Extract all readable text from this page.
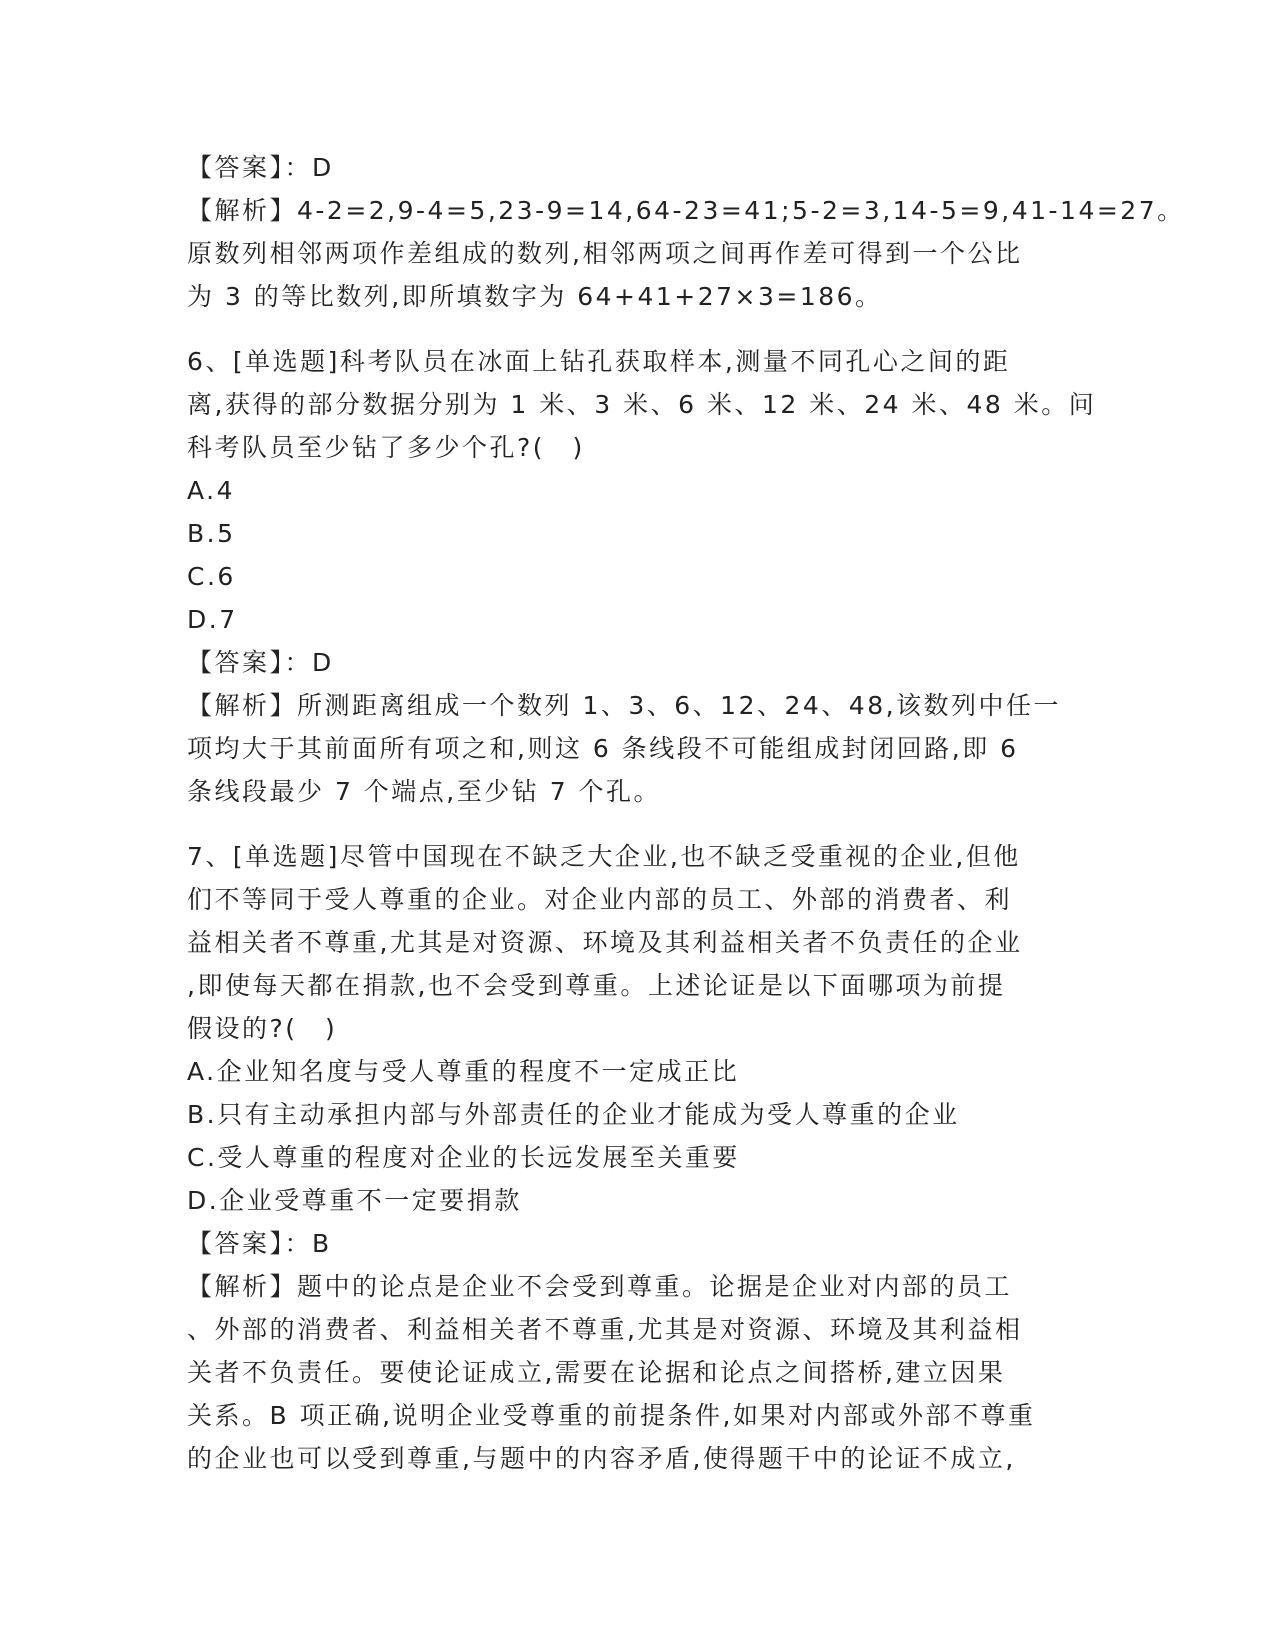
【答案】：D
【解析】4-2=2,9-4=5,23-9=14,64-23=41;5-2=3,14-5=9,41-14=27。
原数列相邻两项作差组成的数列,相邻两项之间再作差可得到一个公比
为 3 的等比数列,即所填数字为 64+41+27×3=186。
6、[单选题]科考队员在冰面上钻孔获取样本,测量不同孔心之间的距
离,获得的部分数据分别为 1 米、3 米、6 米、12 米、24 米、48 米。问
科考队员至少钻了多少个孔?(　)
A.4
B.5
C.6
D.7
【答案】：D
【解析】所测距离组成一个数列 1、3、6、12、24、48,该数列中任一
项均大于其前面所有项之和,则这 6 条线段不可能组成封闭回路,即 6
条线段最少 7 个端点,至少钻 7 个孔。
7、[单选题]尽管中国现在不缺乏大企业,也不缺乏受重视的企业,但他
们不等同于受人尊重的企业。对企业内部的员工、外部的消费者、利
益相关者不尊重,尤其是对资源、环境及其利益相关者不负责任的企业
,即使每天都在捐款,也不会受到尊重。上述论证是以下面哪项为前提
假设的?(　)
A.企业知名度与受人尊重的程度不一定成正比
B.只有主动承担内部与外部责任的企业才能成为受人尊重的企业
C.受人尊重的程度对企业的长远发展至关重要
D.企业受尊重不一定要捐款
【答案】：B
【解析】题中的论点是企业不会受到尊重。论据是企业对内部的员工
、外部的消费者、利益相关者不尊重,尤其是对资源、环境及其利益相
关者不负责任。要使论证成立,需要在论据和论点之间搭桥,建立因果
关系。B 项正确,说明企业受尊重的前提条件,如果对内部或外部不尊重
的企业也可以受到尊重,与题中的内容矛盾,使得题干中的论证不成立,
